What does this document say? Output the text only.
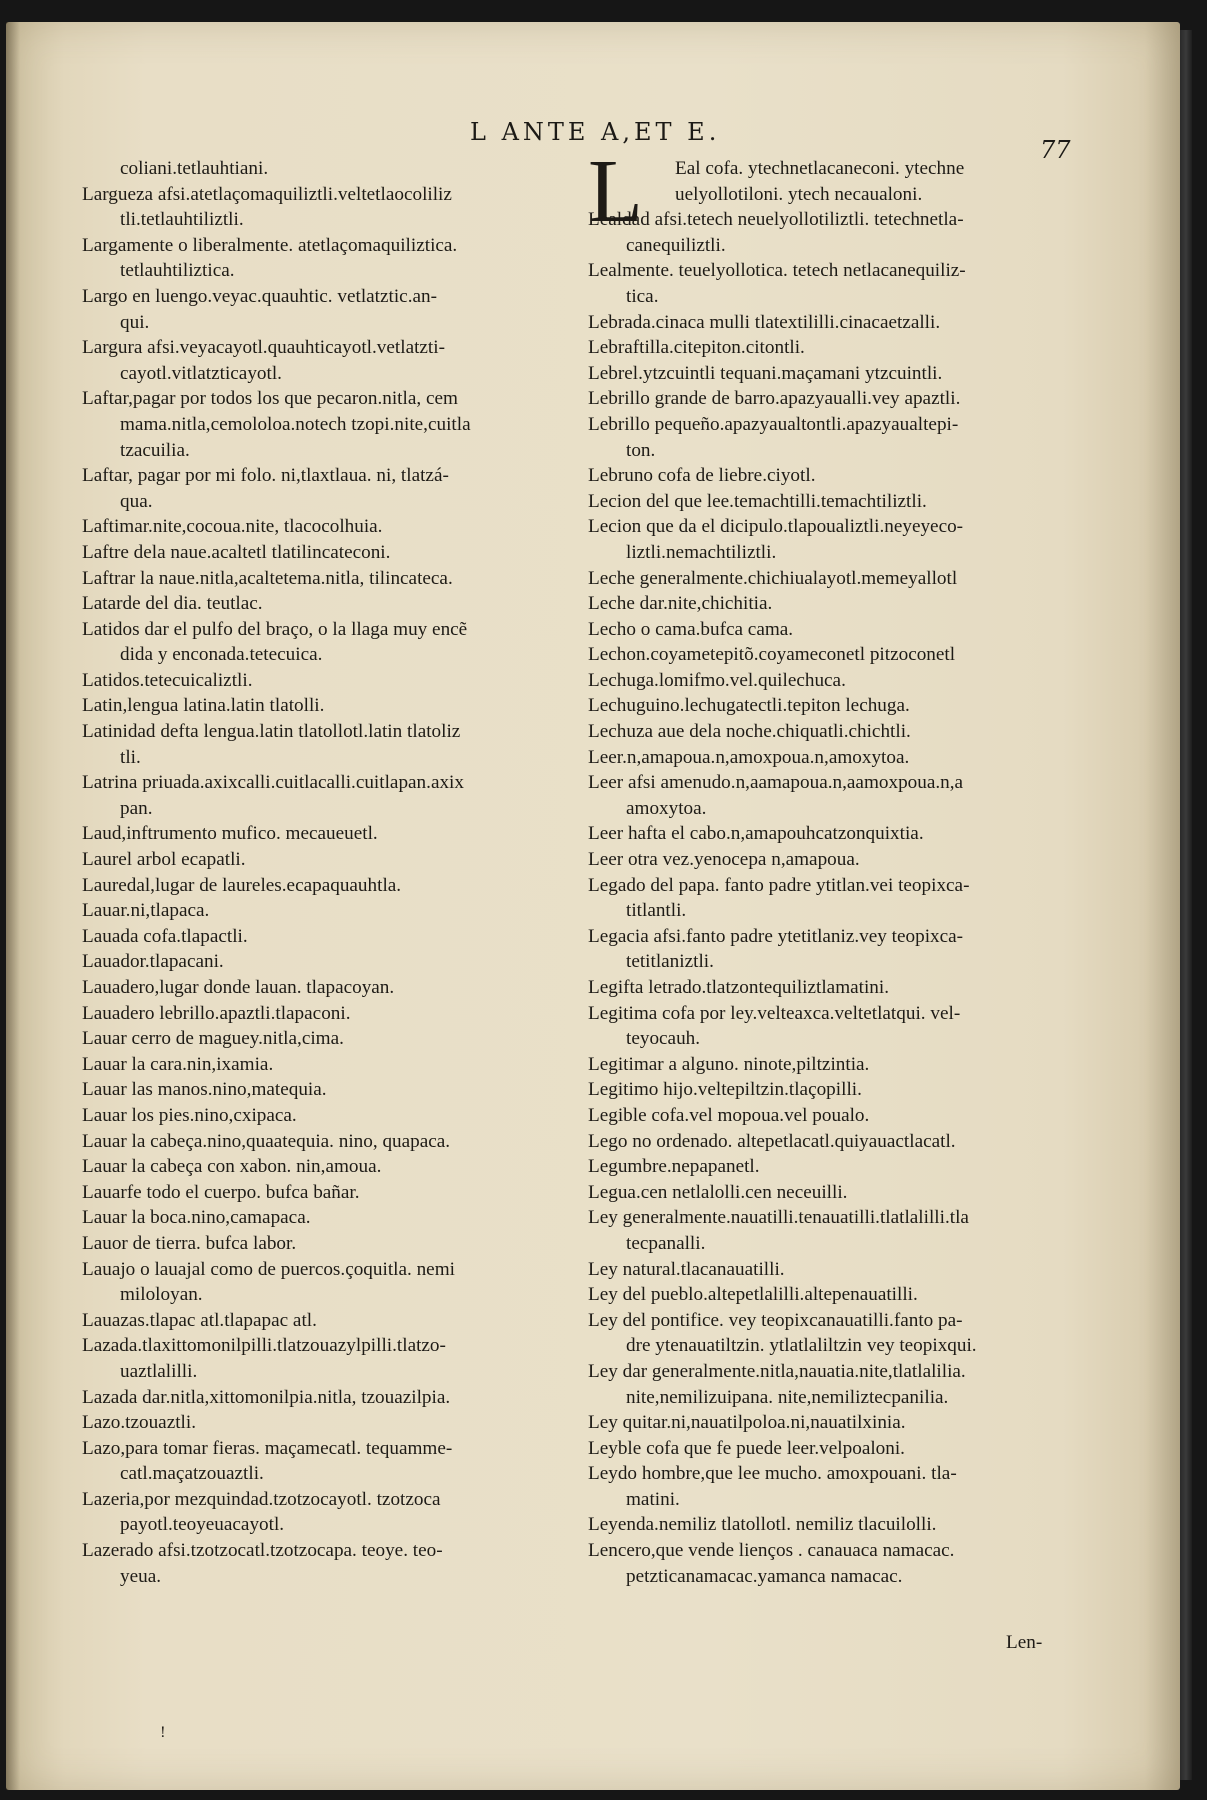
L ANTE A,ET E.
77
coliani.tetlauhtiani.
Largueza afsi.atetlaçomaquiliztli.veltetlaocoliliz
tli.tetlauhtiliztli.
Largamente o liberalmente. atetlaçomaquiliztica.
tetlauhtiliztica.
Largo en luengo.veyac.quauhtic. vetlatztic.an-
qui.
Largura afsi.veyacayotl.quauhticayotl.vetlatzti-
cayotl.vitlatzticayotl.
Laftar,pagar por todos los que pecaron.nitla, cem
mama.nitla,cemololoa.notech tzopi.nite,cuitla
tzacuilia.
Laftar, pagar por mi folo. ni,tlaxtlaua. ni, tlatzá-
qua.
Laftimar.nite,cocoua.nite, tlacocolhuia.
Laftre dela naue.acaltetl tlatilincateconi.
Laftrar la naue.nitla,acaltetema.nitla, tilincateca.
Latarde del dia. teutlac.
Latidos dar el pulfo del braço, o la llaga muy encẽ
dida y enconada.tetecuica.
Latidos.tetecuicaliztli.
Latin,lengua latina.latin tlatolli.
Latinidad defta lengua.latin tlatollotl.latin tlatoliz
tli.
Latrina priuada.axixcalli.cuitlacalli.cuitlapan.axix
pan.
Laud,inftrumento mufico. mecaueuetl.
Laurel arbol ecapatli.
Lauredal,lugar de laureles.ecapaquauhtla.
Lauar.ni,tlapaca.
Lauada cofa.tlapactli.
Lauador.tlapacani.
Lauadero,lugar donde lauan. tlapacoyan.
Lauadero lebrillo.apaztli.tlapaconi.
Lauar cerro de maguey.nitla,cima.
Lauar la cara.nin,ixamia.
Lauar las manos.nino,matequia.
Lauar los pies.nino,cxipaca.
Lauar la cabeça.nino,quaatequia. nino, quapaca.
Lauar la cabeça con xabon. nin,amoua.
Lauarfe todo el cuerpo. bufca bañar.
Lauar la boca.nino,camapaca.
Lauor de tierra. bufca labor.
Lauajo o lauajal como de puercos.çoquitla. nemi
miloloyan.
Lauazas.tlapac atl.tlapapac atl.
Lazada.tlaxittomonilpilli.tlatzouazylpilli.tlatzo-
uaztlalilli.
Lazada dar.nitla,xittomonilpia.nitla, tzouazilpia.
Lazo.tzouaztli.
Lazo,para tomar fieras. maçamecatl. tequamme-
catl.maçatzouaztli.
Lazeria,por mezquindad.tzotzocayotl. tzotzoca
payotl.teoyeuacayotl.
Lazerado afsi.tzotzocatl.tzotzocapa. teoye. teo-
yeua.
L	Eal cofa. ytechnetlacaneconi. ytechne
uelyollotiloni. ytech necaualoni.
Lealdad afsi.tetech neuelyollotiliztli. tetechnetla-
canequiliztli.
Lealmente. teuelyollotica. tetech netlacanequiliz-
tica.
Lebrada.cinaca mulli tlatextililli.cinacaetzalli.
Lebraftilla.citepiton.citontli.
Lebrel.ytzcuintli tequani.maçamani ytzcuintli.
Lebrillo grande de barro.apazyaualli.vey apaztli.
Lebrillo pequeño.apazyaualtontli.apazyaualtepi-
ton.
Lebruno cofa de liebre.ciyotl.
Lecion del que lee.temachtilli.temachtiliztli.
Lecion que da el dicipulo.tlapoualiztli.neyeyeco-
liztli.nemachtiliztli.
Leche generalmente.chichiualayotl.memeyallotl
Leche dar.nite,chichitia.
Lecho o cama.bufca cama.
Lechon.coyametepitõ.coyameconetl pitzoconetl
Lechuga.lomifmo.vel.quilechuca.
Lechuguino.lechugatectli.tepiton lechuga.
Lechuza aue dela noche.chiquatli.chichtli.
Leer.n,amapoua.n,amoxpoua.n,amoxytoa.
Leer afsi amenudo.n,aamapoua.n,aamoxpoua.n,a
amoxytoa.
Leer hafta el cabo.n,amapouhcatzonquixtia.
Leer otra vez.yenocepa n,amapoua.
Legado del papa. fanto padre ytitlan.vei teopixca-
titlantli.
Legacia afsi.fanto padre ytetitlaniz.vey teopixca-
tetitlaniztli.
Legifta letrado.tlatzontequiliztlamatini.
Legitima cofa por ley.velteaxca.veltetlatqui. vel-
teyocauh.
Legitimar a alguno. ninote,piltzintia.
Legitimo hijo.veltepiltzin.tlaçopilli.
Legible cofa.vel mopoua.vel poualo.
Lego no ordenado. altepetlacatl.quiyauactlacatl.
Legumbre.nepapanetl.
Legua.cen netlalolli.cen neceuilli.
Ley generalmente.nauatilli.tenauatilli.tlatlalilli.tla
tecpanalli.
Ley natural.tlacanauatilli.
Ley del pueblo.altepetlalilli.altepenauatilli.
Ley del pontifice. vey teopixcanauatilli.fanto pa-
dre ytenauatiltzin. ytlatlaliltzin vey teopixqui.
Ley dar generalmente.nitla,nauatia.nite,tlatlalilia.
nite,nemilizuipana. nite,nemiliztecpanilia.
Ley quitar.ni,nauatilpoloa.ni,nauatilxinia.
Leyble cofa que fe puede leer.velpoaloni.
Leydo hombre,que lee mucho. amoxpouani. tla-
matini.
Leyenda.nemiliz tlatollotl. nemiliz tlacuilolli.
Lencero,que vende lienços . canauaca namacac.
petzticanamacac.yamanca namacac.
Len-
!
